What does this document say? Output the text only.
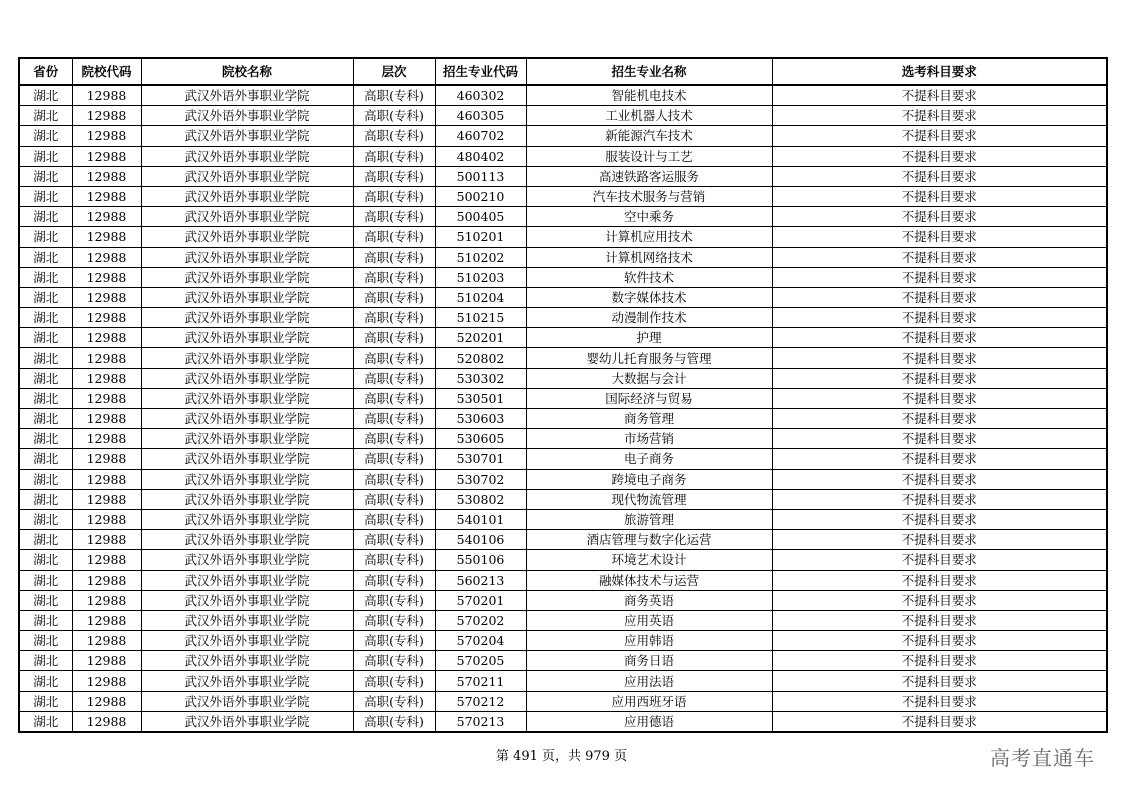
省份	院校代码	院校名称	层次	招生专业代码	招生专业名称	选考科目要求
湖北	12988	武汉外语外事职业学院	高职(专科)	460302	智能机电技术	不提科目要求
湖北	12988	武汉外语外事职业学院	高职(专科)	460305	工业机器人技术	不提科目要求
湖北	12988	武汉外语外事职业学院	高职(专科)	460702	新能源汽车技术	不提科目要求
湖北	12988	武汉外语外事职业学院	高职(专科)	480402	服装设计与工艺	不提科目要求
湖北	12988	武汉外语外事职业学院	高职(专科)	500113	高速铁路客运服务	不提科目要求
湖北	12988	武汉外语外事职业学院	高职(专科)	500210	汽车技术服务与营销	不提科目要求
湖北	12988	武汉外语外事职业学院	高职(专科)	500405	空中乘务	不提科目要求
湖北	12988	武汉外语外事职业学院	高职(专科)	510201	计算机应用技术	不提科目要求
湖北	12988	武汉外语外事职业学院	高职(专科)	510202	计算机网络技术	不提科目要求
湖北	12988	武汉外语外事职业学院	高职(专科)	510203	软件技术	不提科目要求
湖北	12988	武汉外语外事职业学院	高职(专科)	510204	数字媒体技术	不提科目要求
湖北	12988	武汉外语外事职业学院	高职(专科)	510215	动漫制作技术	不提科目要求
湖北	12988	武汉外语外事职业学院	高职(专科)	520201	护理	不提科目要求
湖北	12988	武汉外语外事职业学院	高职(专科)	520802	婴幼儿托育服务与管理	不提科目要求
湖北	12988	武汉外语外事职业学院	高职(专科)	530302	大数据与会计	不提科目要求
湖北	12988	武汉外语外事职业学院	高职(专科)	530501	国际经济与贸易	不提科目要求
湖北	12988	武汉外语外事职业学院	高职(专科)	530603	商务管理	不提科目要求
湖北	12988	武汉外语外事职业学院	高职(专科)	530605	市场营销	不提科目要求
湖北	12988	武汉外语外事职业学院	高职(专科)	530701	电子商务	不提科目要求
湖北	12988	武汉外语外事职业学院	高职(专科)	530702	跨境电子商务	不提科目要求
湖北	12988	武汉外语外事职业学院	高职(专科)	530802	现代物流管理	不提科目要求
湖北	12988	武汉外语外事职业学院	高职(专科)	540101	旅游管理	不提科目要求
湖北	12988	武汉外语外事职业学院	高职(专科)	540106	酒店管理与数字化运营	不提科目要求
湖北	12988	武汉外语外事职业学院	高职(专科)	550106	环境艺术设计	不提科目要求
湖北	12988	武汉外语外事职业学院	高职(专科)	560213	融媒体技术与运营	不提科目要求
湖北	12988	武汉外语外事职业学院	高职(专科)	570201	商务英语	不提科目要求
湖北	12988	武汉外语外事职业学院	高职(专科)	570202	应用英语	不提科目要求
湖北	12988	武汉外语外事职业学院	高职(专科)	570204	应用韩语	不提科目要求
湖北	12988	武汉外语外事职业学院	高职(专科)	570205	商务日语	不提科目要求
湖北	12988	武汉外语外事职业学院	高职(专科)	570211	应用法语	不提科目要求
湖北	12988	武汉外语外事职业学院	高职(专科)	570212	应用西班牙语	不提科目要求
湖北	12988	武汉外语外事职业学院	高职(专科)	570213	应用德语	不提科目要求
第 491 页，共 979 页	高考直通车
